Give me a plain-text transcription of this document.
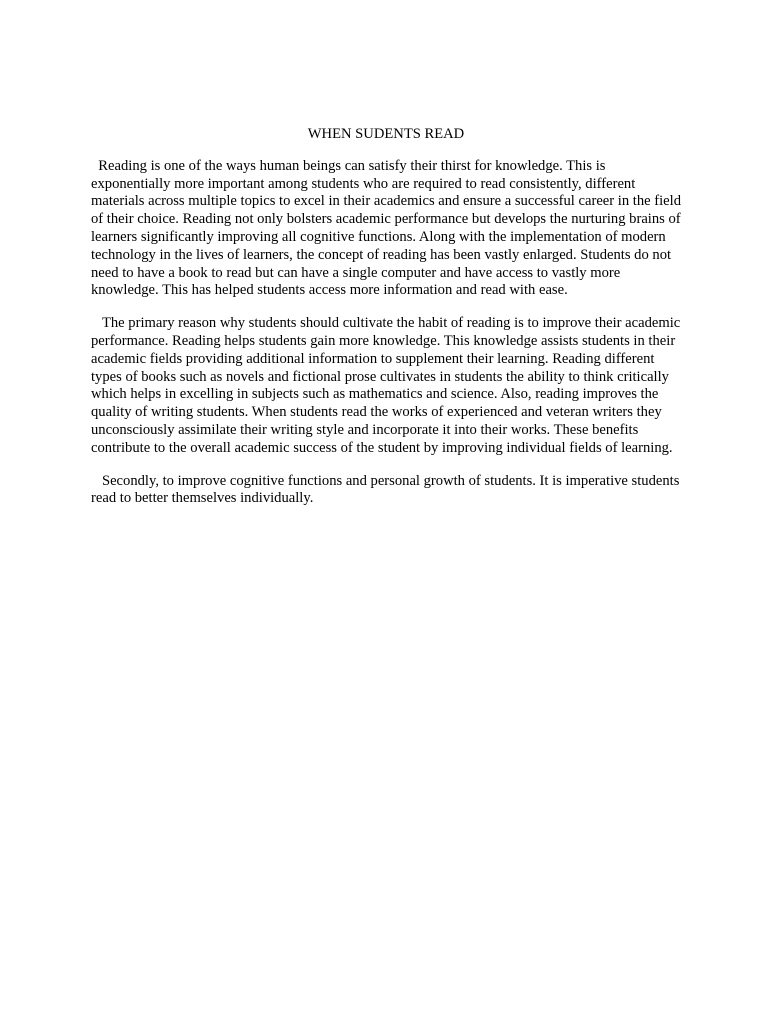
WHEN SUDENTS READ

Reading is one of the ways human beings can satisfy their thirst for knowledge. This is exponentially more important among students who are required to read consistently, different materials across multiple topics to excel in their academics and ensure a successful career in the field of their choice. Reading not only bolsters academic performance but develops the nurturing brains of learners significantly improving all cognitive functions. Along with the implementation of modern technology in the lives of learners, the concept of reading has been vastly enlarged. Students do not need to have a book to read but can have a single computer and have access to vastly more knowledge. This has helped students access more information and read with ease.

The primary reason why students should cultivate the habit of reading is to improve their academic performance. Reading helps students gain more knowledge. This knowledge assists students in their academic fields providing additional information to supplement their learning. Reading different types of books such as novels and fictional prose cultivates in students the ability to think critically which helps in excelling in subjects such as mathematics and science. Also, reading improves the quality of writing students. When students read the works of experienced and veteran writers they unconsciously assimilate their writing style and incorporate it into their works. These benefits contribute to the overall academic success of the student by improving individual fields of learning.

Secondly, to improve cognitive functions and personal growth of students. It is imperative students read to better themselves individually.
